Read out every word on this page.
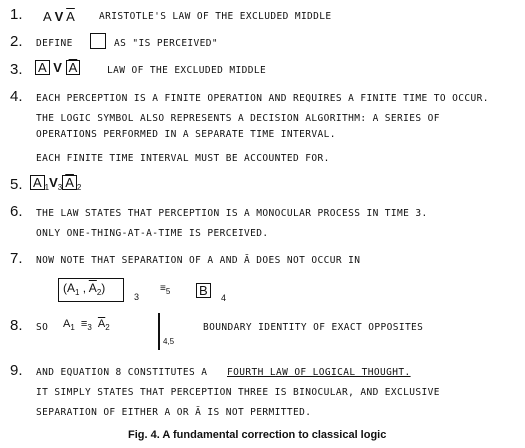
1. A V $\overline{A}$	ARISTOTLE'S LAW OF THE EXCLUDED MIDDLE
2. DEFINE	AS "IS PERCEIVED"
3. A V $\overline{A}$	LAW OF THE EXCLUDED MIDDLE
4. EACH PERCEPTION IS A FINITE OPERATION AND REQUIRES A FINITE TIME TO OCCUR.
THE LOGIC SYMBOL ALSO REPRESENTS A DECISION ALGORITHM: A SERIES OF
OPERATIONS PERFORMED IN A SEPARATE TIME INTERVAL.
EACH FINITE TIME INTERVAL MUST BE ACCOUNTED FOR.
5. A $_1V_3$ $\overline{A}$ $_2$
6. THE LAW STATES THAT PERCEPTION IS A MONOCULAR PROCESS IN TIME 3.
ONLY ONE-THING-AT-A-TIME IS PERCEIVED.
7. NOW NOTE THAT SEPARATION OF A AND Ā DOES NOT OCCUR IN
($A_1$ , $\overline{A}_2$)
3
$\equiv_5$ B	4
8. SO $A_1 \equiv_3$ $\overline{A}_2$
4,5
BOUNDARY IDENTITY OF EXACT OPPOSITES
9. AND EQUATION 8 CONSTITUTES A FOURTH LAW OF LOGICAL THOUGHT.
IT SIMPLY STATES THAT PERCEPTION THREE IS BINOCULAR, AND EXCLUSIVE
SEPARATION OF EITHER A OR Ā IS NOT PERMITTED.
Fig. 4. A fundamental correction to classical logic
